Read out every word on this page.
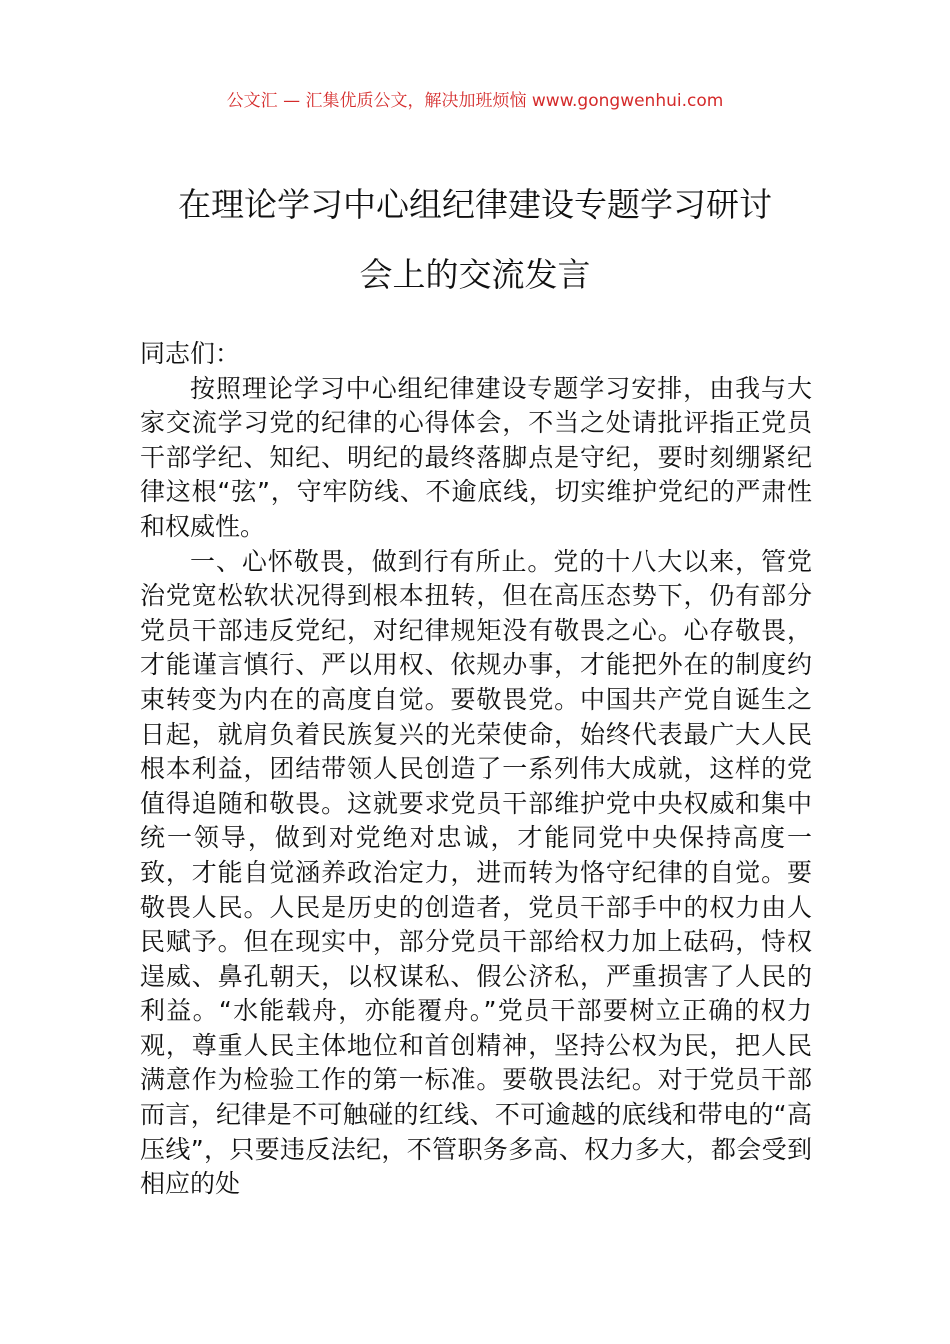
公文汇 — 汇集优质公文，解决加班烦恼 www.gongwenhui.com
在理论学习中心组纪律建设专题学习研讨
会上的交流发言

同志们：

按照理论学习中心组纪律建设专题学习安排，由我与大家交流学习党的纪律的心得体会，不当之处请批评指正党员干部学纪、知纪、明纪的最终落脚点是守纪，要时刻绷紧纪律这根“弦”，守牢防线、不逾底线，切实维护党纪的严肃性和权威性。

一、心怀敬畏，做到行有所止。党的十八大以来，管党治党宽松软状况得到根本扭转，但在高压态势下，仍有部分党员干部违反党纪，对纪律规矩没有敬畏之心。心存敬畏，才能谨言慎行、严以用权、依规办事，才能把外在的制度约束转变为内在的高度自觉。要敬畏党。中国共产党自诞生之日起，就肩负着民族复兴的光荣使命，始终代表最广大人民根本利益，团结带领人民创造了一系列伟大成就，这样的党值得追随和敬畏。这就要求党员干部维护党中央权威和集中统一领导，做到对党绝对忠诚，才能同党中央保持高度一致，才能自觉涵养政治定力，进而转为恪守纪律的自觉。要敬畏人民。人民是历史的创造者，党员干部手中的权力由人民赋予。但在现实中，部分党员干部给权力加上砝码，恃权逞威、鼻孔朝天，以权谋私、假公济私，严重损害了人民的利益。“水能载舟，亦能覆舟。”党员干部要树立正确的权力观，尊重人民主体地位和首创精神，坚持公权为民，把人民满意作为检验工作的第一标准。要敬畏法纪。对于党员干部而言，纪律是不可触碰的红线、不可逾越的底线和带电的“高压线”，只要违反法纪，不管职务多高、权力多大，都会受到相应的处
